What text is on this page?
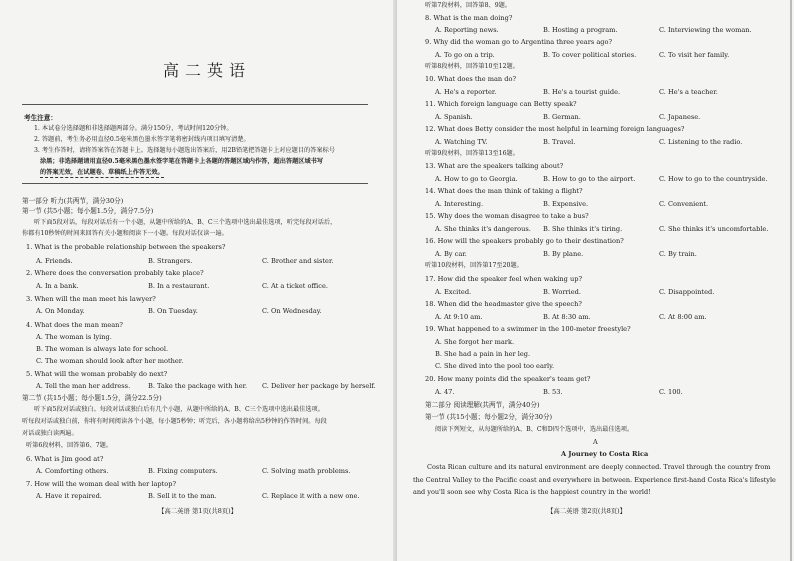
高二英语
考生注意：
1. 本试卷分选择题和非选择题两部分。满分150分，考试时间120分钟。
2. 答题前，考生务必用直径0.5毫米黑色墨水签字笔将密封线内项目填写清楚。
3. 考生作答时，请将答案答在答题卡上。选择题每小题选出答案后，用2B铅笔把答题卡上对应题目的答案标号
涂黑；非选择题请用直径0.5毫米黑色墨水签字笔在答题卡上各题的答题区域内作答，超出答题区域书写
的答案无效，在试题卷、草稿纸上作答无效。
第一部分 听力(共两节，满分30分)
第一节 (共5小题；每小题1.5分，满分7.5分)
听下面5段对话，每段对话后有一个小题，从题中所给的A、B、C三个选项中选出最佳选项，听完每段对话后，
你都有10秒钟的时间来回答有关小题和阅读下一小题。每段对话仅读一遍。
1. What is the probable relationship between the speakers?
A. Friends.	B. Strangers.	C. Brother and sister.
2. Where does the conversation probably take place?
A. In a bank.	B. In a restaurant.	C. At a ticket office.
3. When will the man meet his lawyer?
A. On Monday.	B. On Tuesday.	C. On Wednesday.
4. What does the man mean?
A. The woman is lying.
B. The woman is always late for school.
C. The woman should look after her mother.
5. What will the woman probably do next?
A. Tell the man her address.	B. Take the package with her. C. Deliver her package by herself.
第二节 (共15小题；每小题1.5分，满分22.5分)
听下面5段对话或独白。每段对话或独白后有几个小题，从题中所给的A、B、C三个选项中选出最佳选项。
听每段对话或独白前，你将有时间阅读各个小题，每小题5秒钟；听完后，各小题将给出5秒钟的作答时间。每段
对话或独白读两遍。
听第6段材料，回答第6、7题。
6. What is Jim good at?
A. Comforting others.	B. Fixing computers.	C. Solving math problems.
7. How will the woman deal with her laptop?
A. Have it repaired.	B. Sell it to the man.	C. Replace it with a new one.
【高二英语 第1页(共8页)】
听第7段材料，回答第8、9题。
8. What is the man doing?
A. Reporting news.	B. Hosting a program.	C. Interviewing the woman.
9. Why did the woman go to Argentina three years ago?
A. To go on a trip.	B. To cover political stories.	C. To visit her family.
听第8段材料，回答第10至12题。
10. What does the man do?
A. He's a reporter.	B. He's a tourist guide.	C. He's a teacher.
11. Which foreign language can Betty speak?
A. Spanish.	B. German.	C. Japanese.
12. What does Betty consider the most helpful in learning foreign languages?
A. Watching TV.	B. Travel.	C. Listening to the radio.
听第9段材料，回答第13至16题。
13. What are the speakers talking about?
A. How to go to Georgia.	B. How to go to the airport.	C. How to go to the countryside.
14. What does the man think of taking a flight?
A. Interesting.	B. Expensive.	C. Convenient.
15. Why does the woman disagree to take a bus?
A. She thinks it's dangerous. B. She thinks it's tiring.	C. She thinks it's uncomfortable.
16. How will the speakers probably go to their destination?
A. By car.	B. By plane.	C. By train.
听第10段材料，回答第17至20题。
17. How did the speaker feel when waking up?
A. Excited.	B. Worried.	C. Disappointed.
18. When did the headmaster give the speech?
A. At 9:10 am.	B. At 8:30 am.	C. At 8:00 am.
19. What happened to a swimmer in the 100-meter freestyle?
A. She forgot her mark.
B. She had a pain in her leg.
C. She dived into the pool too early.
20. How many points did the speaker's team get?
A. 47.	B. 53.	C. 100.
第二部分 阅读理解(共两节，满分40分)
第一节 (共15小题；每小题2分，满分30分)
阅读下列短文，从每题所给的A、B、C和D四个选项中，选出最佳选项。
A
A Journey to Costa Rica
Costa Rican culture and its natural environment are deeply connected. Travel through the country from the Central Valley to the Pacific coast and everywhere in between. Experience first-hand Costa Rica's lifestyle and you'll soon see why Costa Rica is the happiest country in the world!
【高二英语 第2页(共8页)】
